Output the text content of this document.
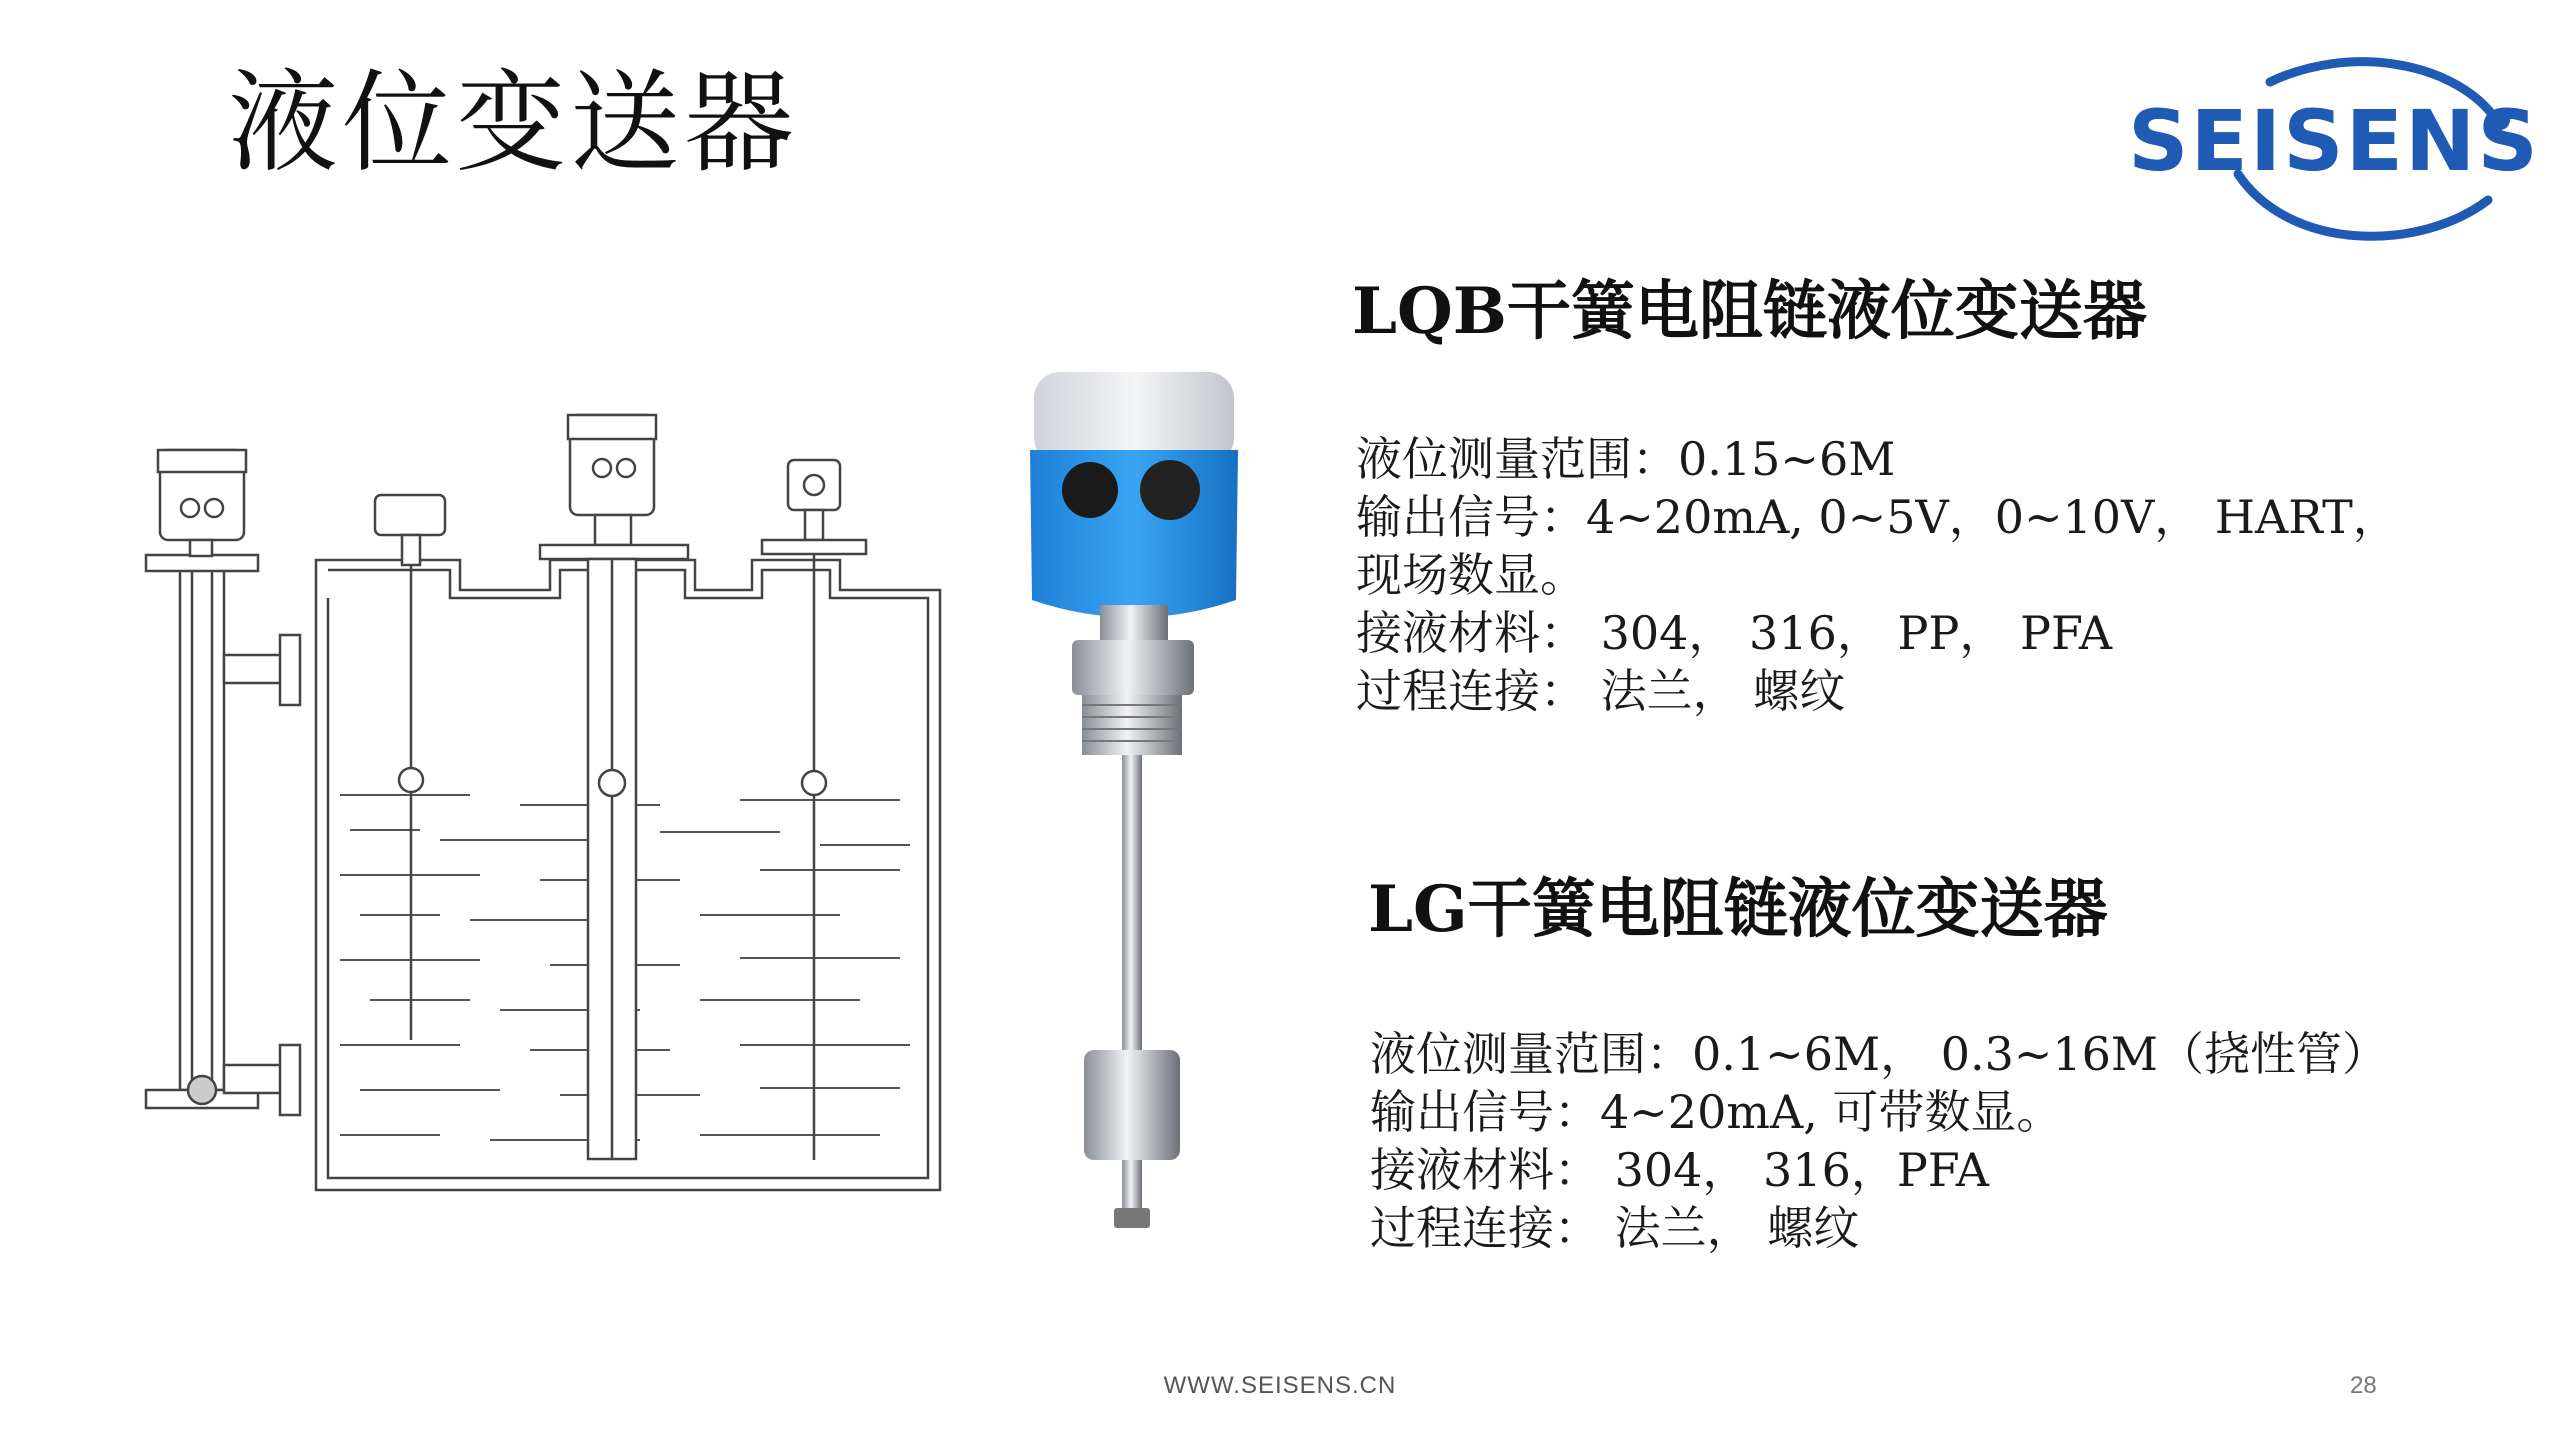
液位变送器	SEISENS
LQB干簧电阻链液位变送器

液位测量范围：0.15~6M

输出信号：4~20mA, 0~5V，0~10V， HART， 现场数显。

接液材料： 304， 316， PP， PFA

过程连接： 法兰， 螺纹

LG干簧电阻链液位变送器

液位测量范围：0.1~6M， 0.3~16M（挠性管）

输出信号：4~20mA, 可带数显。

接液材料： 304， 316，PFA

过程连接： 法兰， 螺纹

WWW.SEISENS.CN	28
